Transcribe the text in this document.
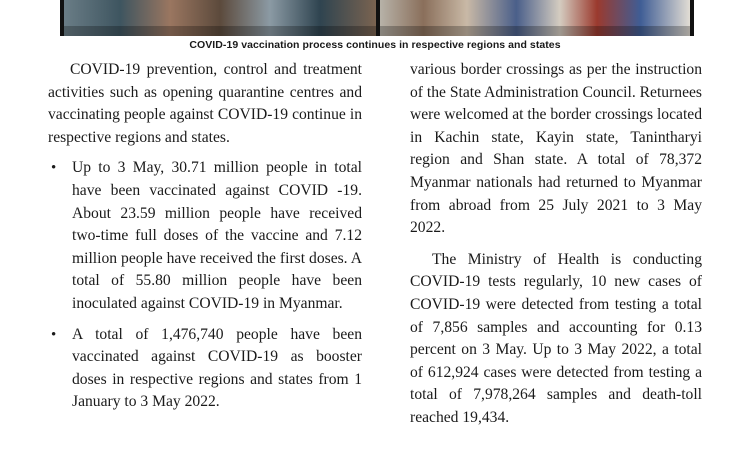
COVID-19 vaccination process continues in respective regions and states

COVID-19 prevention, control and treatment activities such as opening quarantine centres and vaccinating people against COVID-19 continue in respective regions and states.

• Up to 3 May, 30.71 million people in total have been vaccinated against COVID -19. About 23.59 million people have received two-time full doses of the vaccine and 7.12 million people have received the first doses. A total of 55.80 million people have been inoculated against COVID-19 in Myanmar.
• A total of 1,476,740 people have been vaccinated against COVID-19 as booster doses in respective regions and states from 1 January to 3 May 2022.

various border crossings as per the instruction of the State Administration Council. Returnees were welcomed at the border crossings located in Kachin state, Kayin state, Tanintharyi region and Shan state. A total of 78,372 Myanmar nationals had returned to Myanmar from abroad from 25 July 2021 to 3 May 2022.

The Ministry of Health is conducting COVID-19 tests regularly, 10 new cases of COVID-19 were detected from testing a total of 7,856 samples and accounting for 0.13 percent on 3 May. Up to 3 May 2022, a total of 612,924 cases were detected from testing a total of 7,978,264 samples and death-toll reached 19,434.
